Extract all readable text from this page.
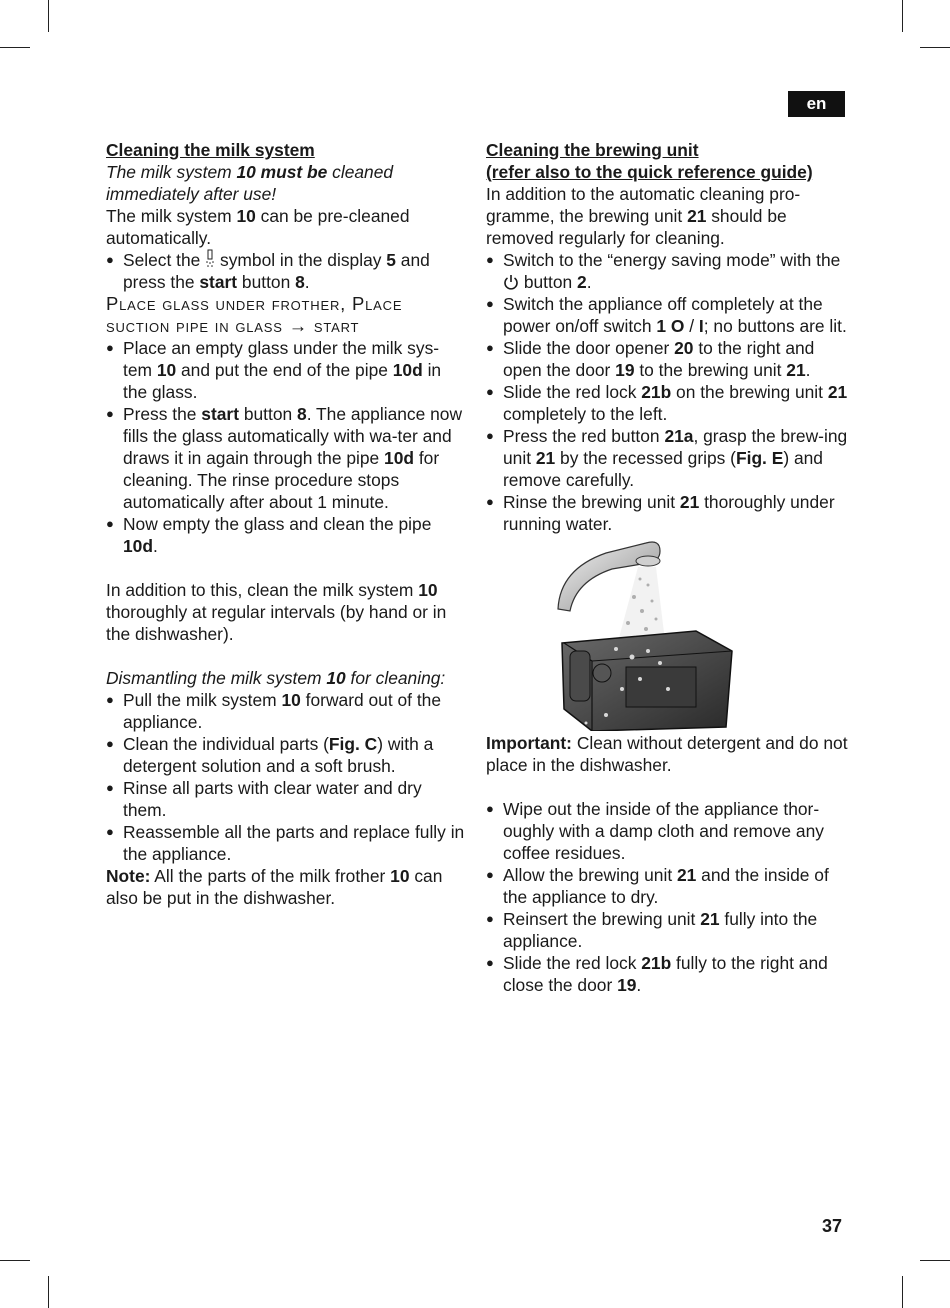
en

Cleaning the milk system

The milk system 10 must be cleaned immediately after use!

The milk system 10 can be pre-cleaned automatically.

● Select the  symbol in the display 5 and press the start button 8.

Place glass under frother, Place suction pipe in glass → start

● Place an empty glass under the milk sys-tem 10 and put the end of the pipe 10d in the glass.
● Press the start button 8. The appliance now fills the glass automatically with wa-ter and draws it in again through the pipe 10d for cleaning. The rinse procedure stops automatically after about 1 minute.
● Now empty the glass and clean the pipe 10d.

In addition to this, clean the milk system 10 thoroughly at regular intervals (by hand or in the dishwasher).

Dismantling the milk system 10 for cleaning:

● Pull the milk system 10 forward out of the appliance.
● Clean the individual parts (Fig. C) with a detergent solution and a soft brush.
● Rinse all parts with clear water and dry them.
● Reassemble all the parts and replace fully in the appliance.

Note: All the parts of the milk frother 10 can also be put in the dishwasher.

Cleaning the brewing unit

(refer also to the quick reference guide)

In addition to the automatic cleaning pro-gramme, the brewing unit 21 should be removed regularly for cleaning.

● Switch to the “energy saving mode” with the  button 2.
● Switch the appliance off completely at the power on/off switch 1 O / I; no buttons are lit.
● Slide the door opener 20 to the right and open the door 19 to the brewing unit 21.
● Slide the red lock 21b on the brewing unit 21 completely to the left.
● Press the red button 21a, grasp the brew-ing unit 21 by the recessed grips (Fig. E) and remove carefully.
● Rinse the brewing unit 21 thoroughly under running water.

Important: Clean without detergent and do not place in the dishwasher.

● Wipe out the inside of the appliance thor-oughly with a damp cloth and remove any coffee residues.
● Allow the brewing unit 21 and the inside of the appliance to dry.
● Reinsert the brewing unit 21 fully into the appliance.
● Slide the red lock 21b fully to the right and close the door 19.
37
